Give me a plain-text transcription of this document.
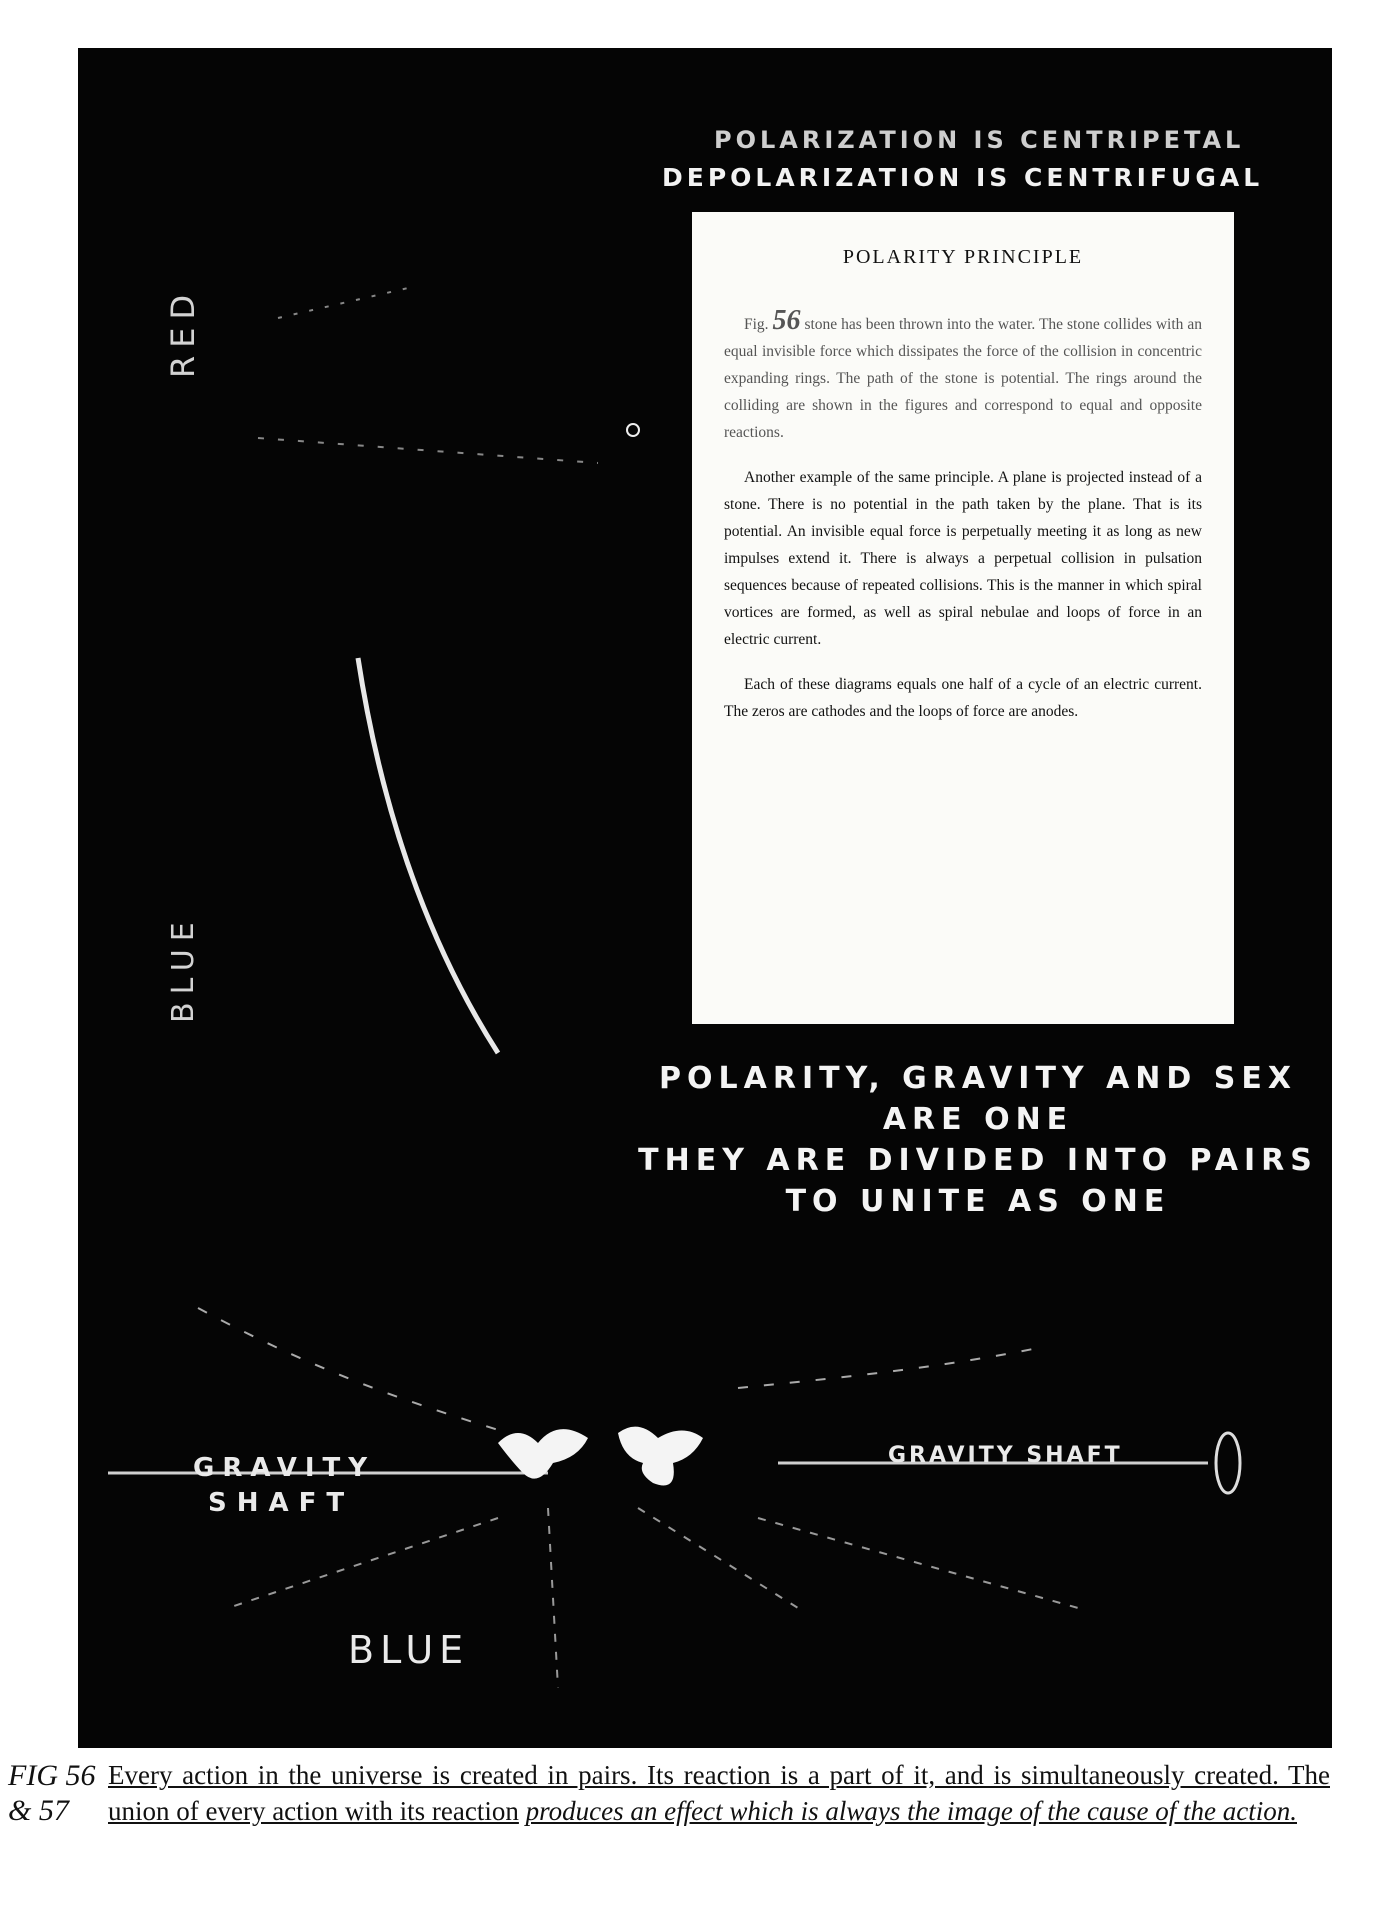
POLARIZATION IS CENTRIPETAL
DEPOLARIZATION IS CENTRIFUGAL
POLARITY PRINCIPLE

Fig. 56 stone has been thrown into the water. The stone collides with an equal invisible force which dissipates the force of the collision in concentric expanding rings. The path of the stone is potential. The rings around the colliding are shown in the figures and correspond to equal and opposite reactions.

Another example of the same principle. A plane is projected instead of a stone. There is no potential in the path taken by the plane. That is its potential. An invisible equal force is perpetually meeting it as long as new impulses extend it. There is always a perpetual collision in pulsation sequences because of repeated collisions. This is the manner in which spiral vortices are formed, as well as spiral nebulae and loops of force in an electric current.

Each of these diagrams equals one half of a cycle of an electric current. The zeros are cathodes and the loops of force are anodes.

POLARITY, GRAVITY AND SEX
ARE ONE
THEY ARE DIVIDED INTO PAIRS
TO UNITE AS ONE
RED
BLUE
GRAVITY
SHAFT
GRAVITY SHAFT
BLUE
FIG 56 & 57
Every action in the universe is created in pairs. Its reaction is a part of it, and is simultaneously created. The union of every action with its reaction produces an effect which is always the image of the cause of the action.
